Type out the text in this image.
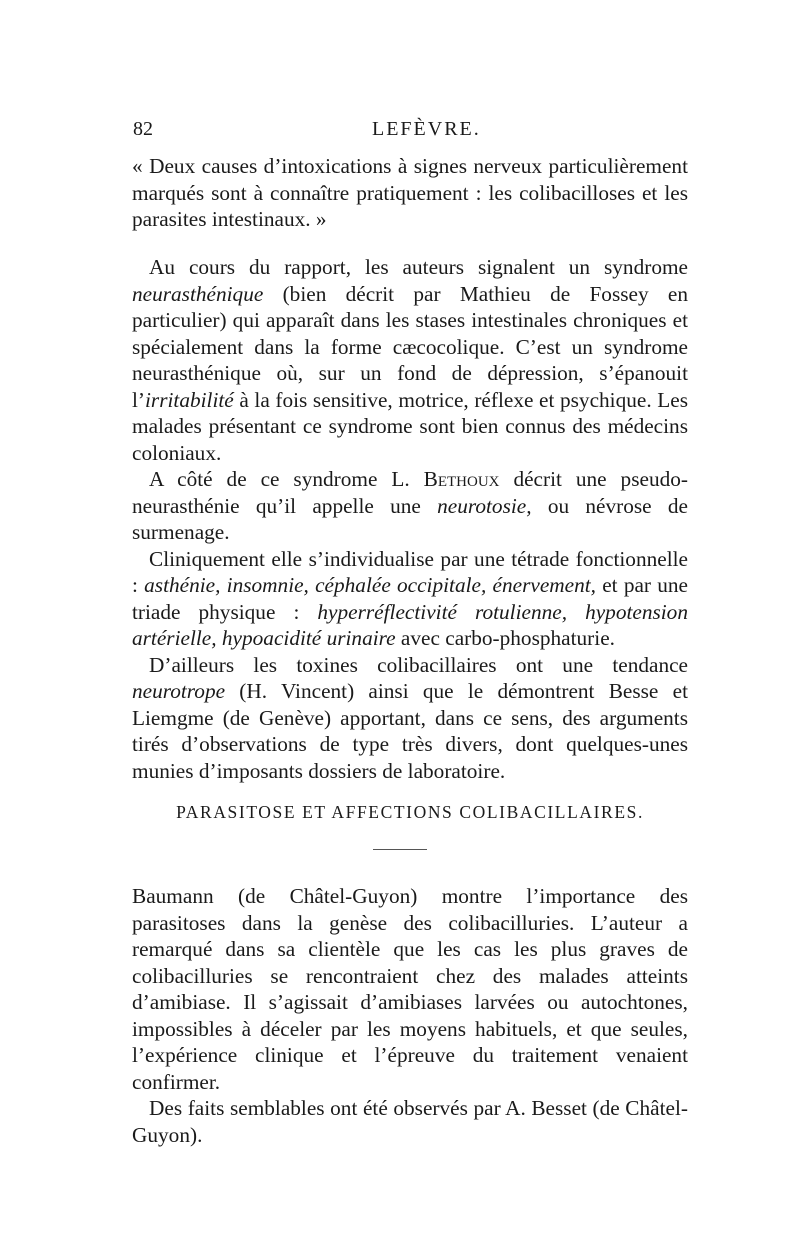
82	LEFÈVRE.

« Deux causes d’intoxications à signes nerveux particulièrement marqués sont à connaître pratiquement : les colibacilloses et les parasites intestinaux. »

Au cours du rapport, les auteurs signalent un syndrome neurasthénique (bien décrit par Mathieu de Fossey en particulier) qui apparaît dans les stases intestinales chroniques et spécialement dans la forme cæcocolique. C’est un syndrome neurasthénique où, sur un fond de dépression, s’épanouit l’irritabilité à la fois sensitive, motrice, réflexe et psychique. Les malades présentant ce syndrome sont bien connus des médecins coloniaux.

A côté de ce syndrome L. Bethoux décrit une pseudo-neurasthénie qu’il appelle une neurotosie, ou névrose de surmenage.

Cliniquement elle s’individualise par une tétrade fonctionnelle : asthénie, insomnie, céphalée occipitale, énervement, et par une triade physique : hyperréflectivité rotulienne, hypotension artérielle, hypoacidité urinaire avec carbo-phosphaturie.

D’ailleurs les toxines colibacillaires ont une tendance neurotrope (H. Vincent) ainsi que le démontrent Besse et Liemgme (de Genève) apportant, dans ce sens, des arguments tirés d’observations de type très divers, dont quelques-unes munies d’imposants dossiers de laboratoire.

PARASITOSE ET AFFECTIONS COLIBACILLAIRES.

Baumann (de Châtel-Guyon) montre l’importance des parasitoses dans la genèse des colibacilluries. L’auteur a remarqué dans sa clientèle que les cas les plus graves de colibacilluries se rencontraient chez des malades atteints d’amibiase. Il s’agissait d’amibiases larvées ou autochtones, impossibles à déceler par les moyens habituels, et que seules, l’expérience clinique et l’épreuve du traitement venaient confirmer.

Des faits semblables ont été observés par A. Besset (de Châtel-Guyon).
